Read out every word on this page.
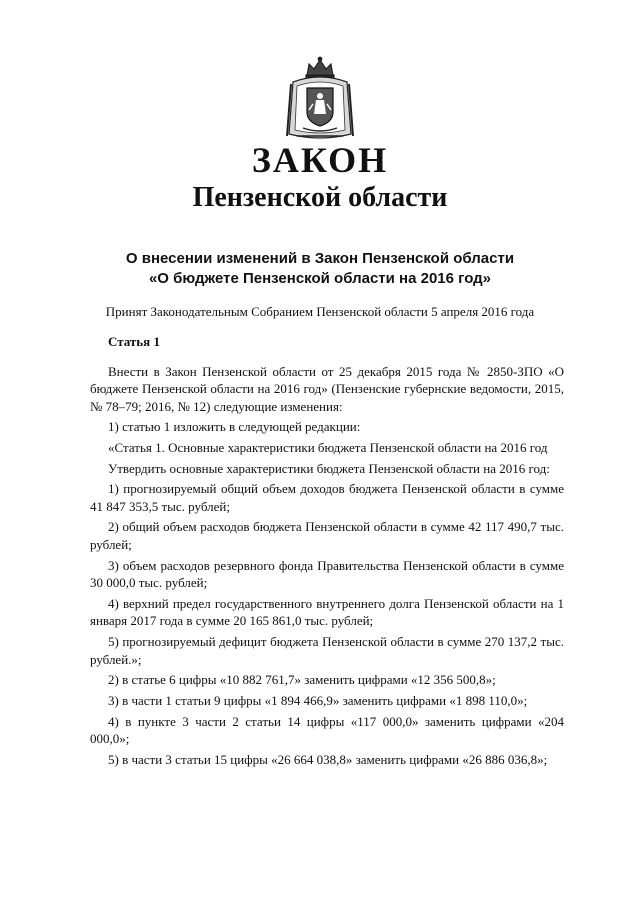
ЗАКОН
Пензенской области
О внесении изменений в Закон Пензенской области
«О бюджете Пензенской области на 2016 год»
Принят Законодательным Собранием Пензенской области 5 апреля 2016 года
Статья 1

Внести в Закон Пензенской области от 25 декабря 2015 года № 2850-ЗПО «О бюджете Пензенской области на 2016 год» (Пензенские губернские ведомости, 2015, № 78–79; 2016, № 12) следующие изменения:

1) статью 1 изложить в следующей редакции:

«Статья 1. Основные характеристики бюджета Пензенской области на 2016 год

Утвердить основные характеристики бюджета Пензенской области на 2016 год:

1) прогнозируемый общий объем доходов бюджета Пензенской области в сумме 41 847 353,5 тыс. рублей;

2) общий объем расходов бюджета Пензенской области в сумме 42 117 490,7 тыс. рублей;

3) объем расходов резервного фонда Правительства Пензенской области в сумме 30 000,0 тыс. рублей;

4) верхний предел государственного внутреннего долга Пензенской области на 1 января 2017 года в сумме 20 165 861,0 тыс. рублей;

5) прогнозируемый дефицит бюджета Пензенской области в сумме 270 137,2 тыс. рублей.»;

2) в статье 6 цифры «10 882 761,7» заменить цифрами «12 356 500,8»;

3) в части 1 статьи 9 цифры «1 894 466,9» заменить цифрами «1 898 110,0»;

4) в пункте 3 части 2 статьи 14 цифры «117 000,0» заменить цифрами «204 000,0»;

5) в части 3 статьи 15 цифры «26 664 038,8» заменить цифрами «26 886 036,8»;
